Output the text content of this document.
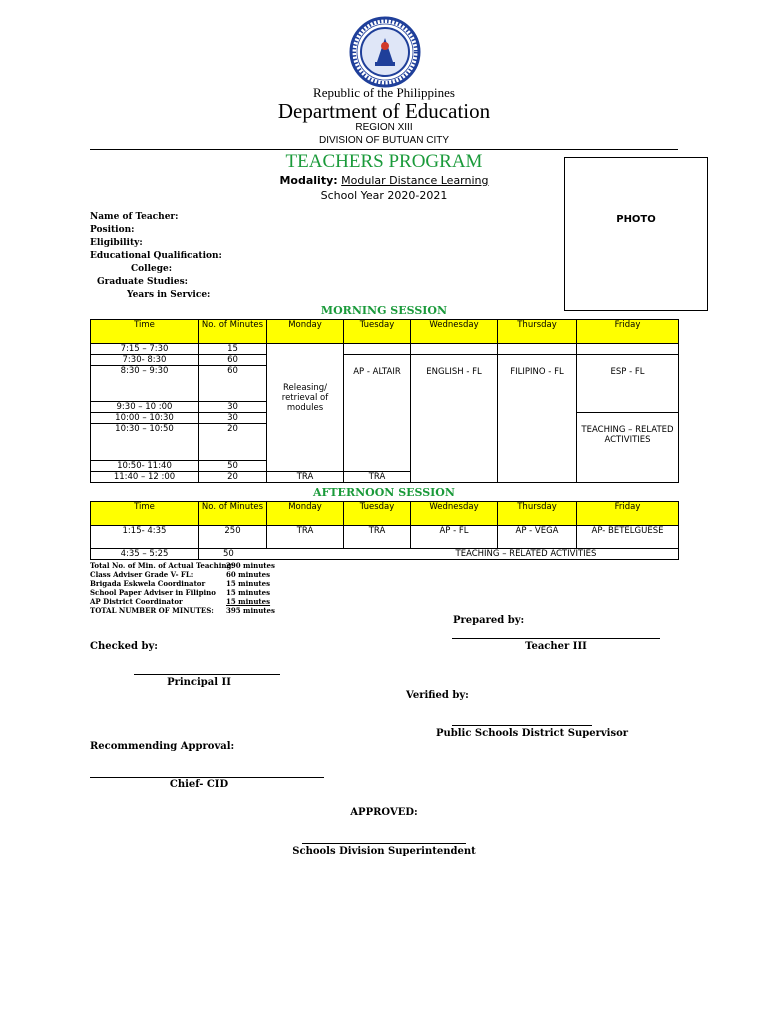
Republic of the Philippines
Department of Education
REGION XIII
DIVISION OF BUTUAN CITY
TEACHERS PROGRAM
Modality: Modular Distance Learning
School Year 2020-2021
PHOTO
Name of Teacher:
Position:
Eligibility:
Educational Qualification:
College:
Graduate Studies:
Years in Service:
MORNING SESSION
Time	No. of Minutes	Monday	Tuesday	Wednesday	Thursday	Friday	
7:15 – 7:30	15	Releasing/ retrieval of modules					

7:30- 8:30	60		AP - ALTAIR	ENGLISH - FL	FILIPINO - FL	ESP - FL	

8:30 – 9:30	60						
9:30 – 10 :00	30						
10:00 – 10:30	30					TEACHING – RELATED ACTIVITIES	

10:30 – 10:50	20						
10:50- 11:40	50	
11:40 – 12 :00	20	TRA	TRA	
AFTERNOON SESSION
Time	No. of Minutes	Monday	Tuesday	Wednesday	Thursday	Friday
1:15- 4:35	250	TRA	TRA	AP - FL	AP - VEGA	AP- BETELGUESE
4:35 – 5:25	50			TEACHING – RELATED ACTIVITIES		
Total No. of Min. of Actual Teaching:
290 minutes
Class Adviser Grade V- FL:	60 minutes
Brigada Eskwela Coordinator	15 minutes
School Paper Adviser in Filipino 15 minutes
AP District Coordinator	15 minutes
TOTAL NUMBER OF MINUTES: 395 minutes
Prepared by:
Teacher III
Checked by:
Principal II
Verified by:
Public Schools District Supervisor
Recommending Approval:
Chief- CID
APPROVED:
Schools Division Superintendent
